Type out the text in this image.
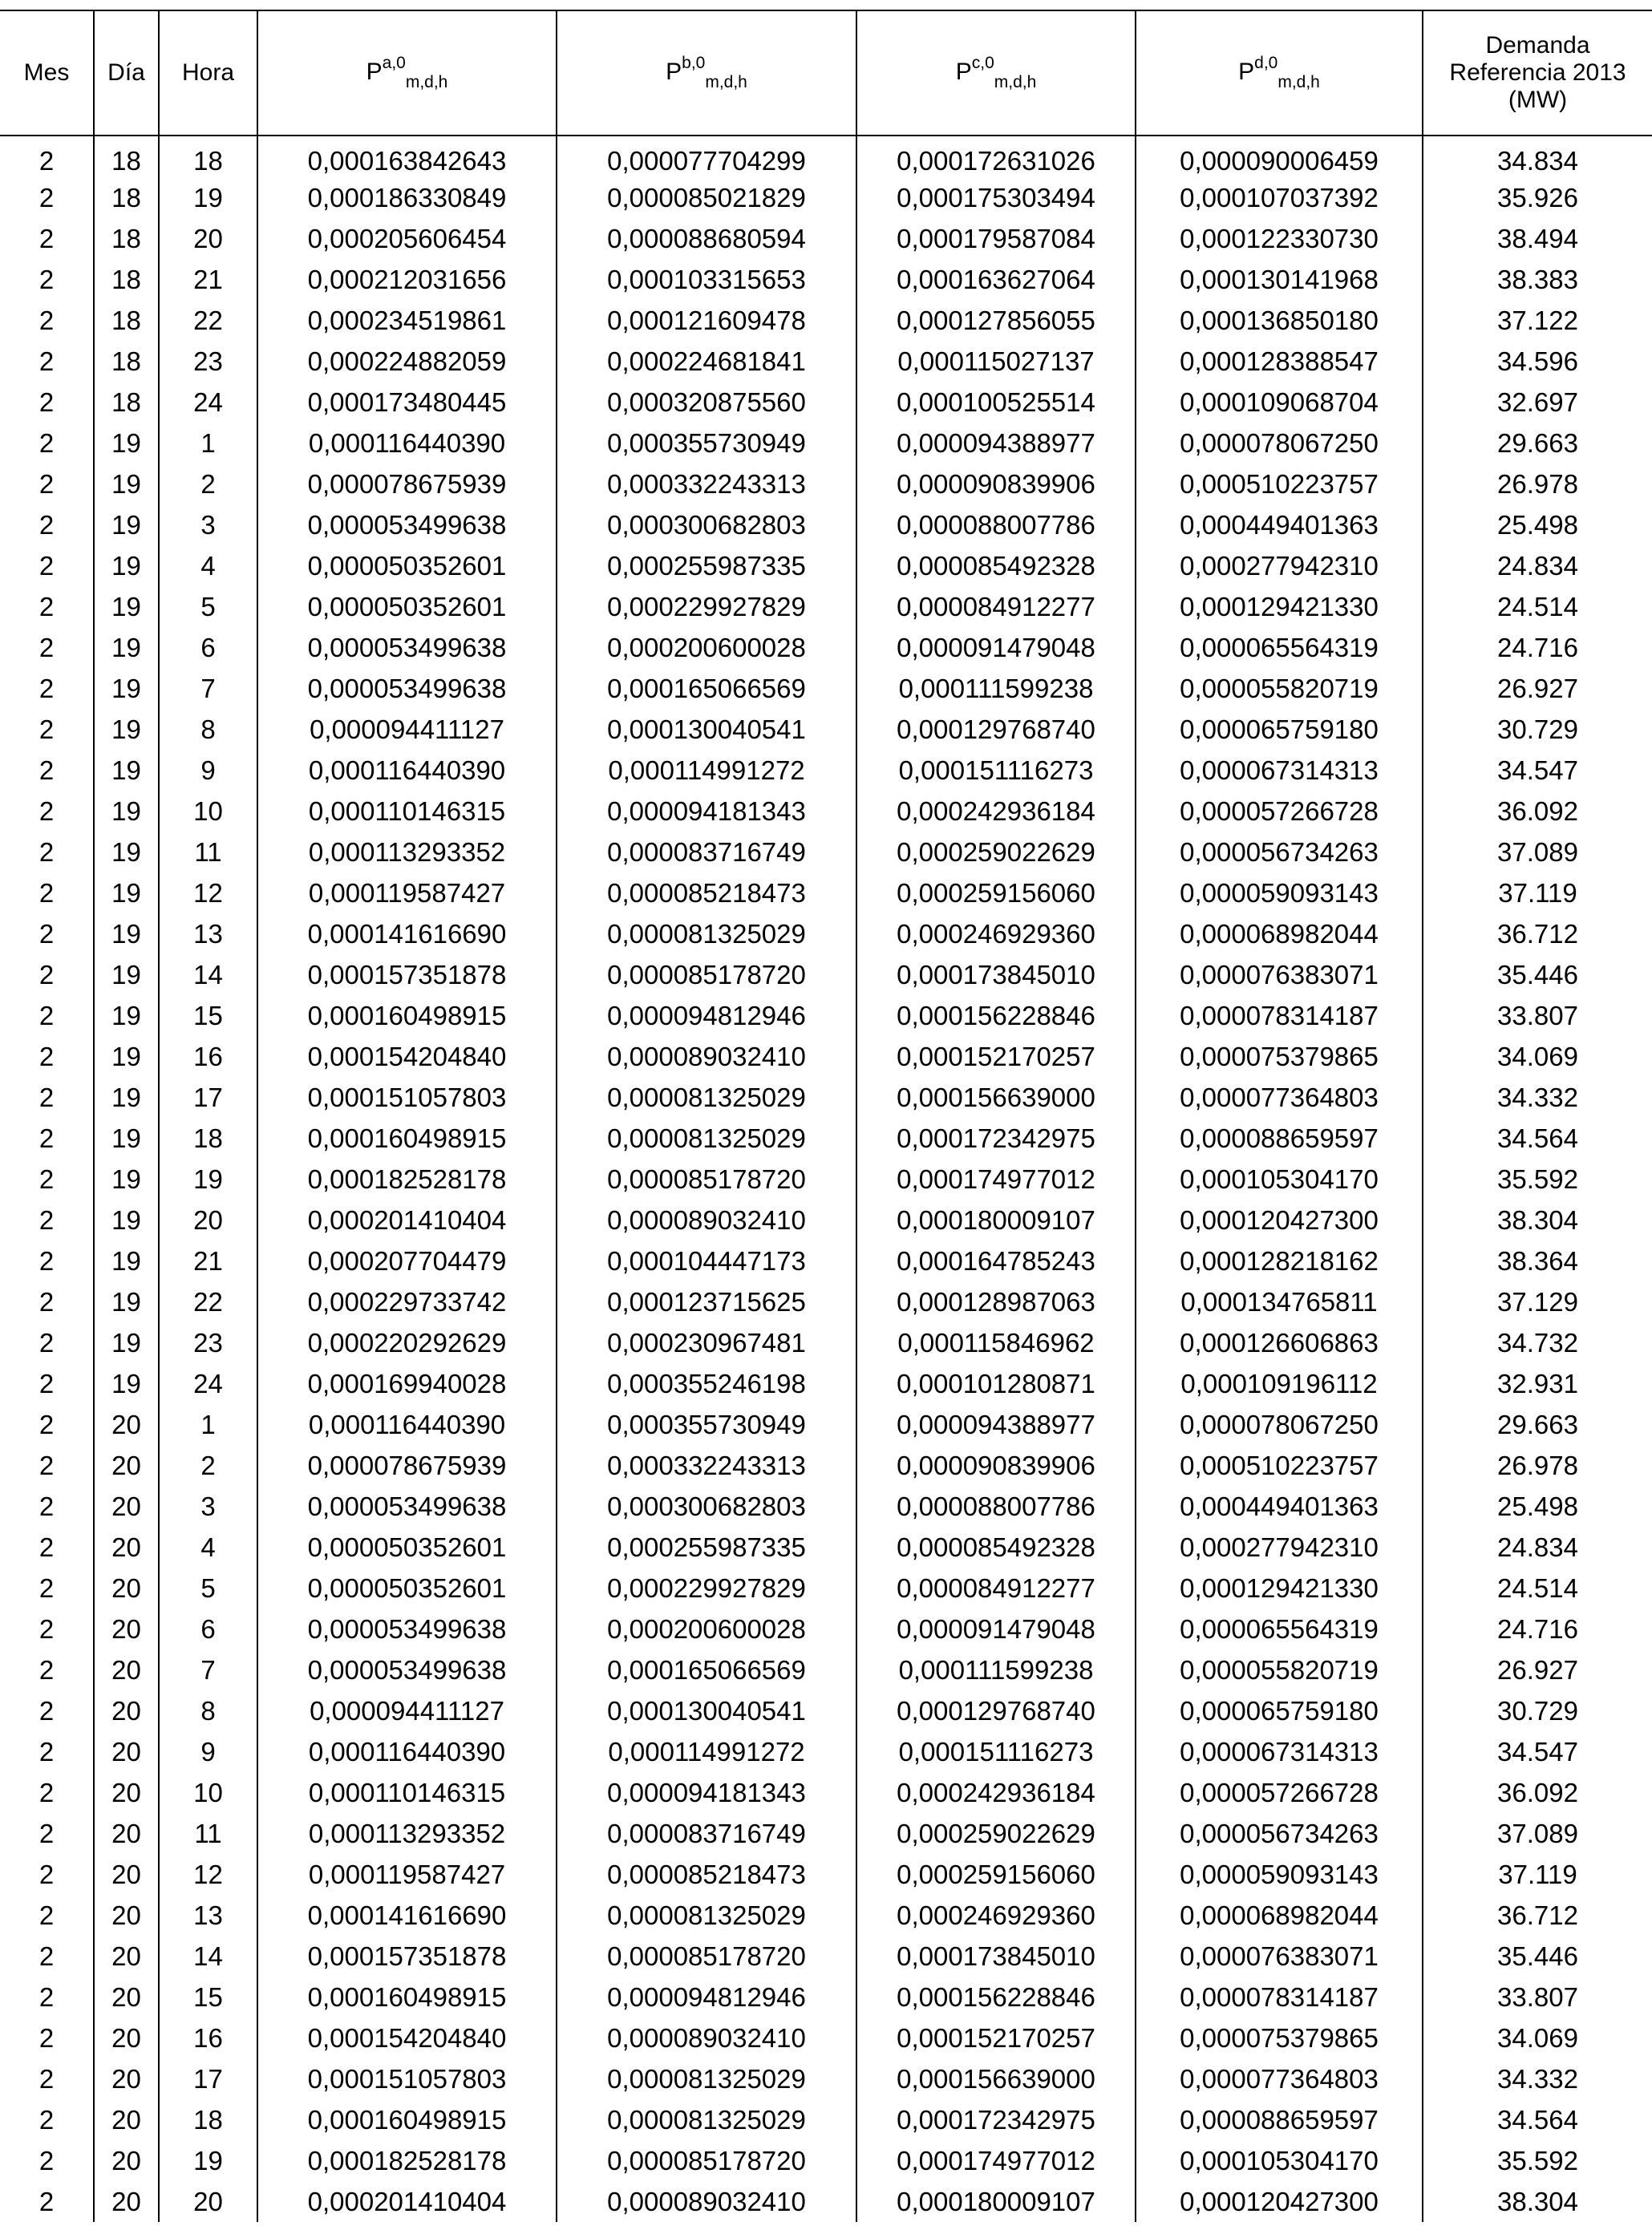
Mes	Día	Hora	P$^{a,0}_{m,d,h}$	P$^{b,0}_{m,d,h}$	P$^{c,0}_{m,d,h}$	P$^{d,0}_{m,d,h}$	Demanda
Referencia 2013
(MW)

2	18	18	0,000163842643	0,000077704299	0,000172631026	0,000090006459	34.834
2	18	19	0,000186330849	0,000085021829	0,000175303494	0,000107037392	35.926
2	18	20	0,000205606454	0,000088680594	0,000179587084	0,000122330730	38.494
2	18	21	0,000212031656	0,000103315653	0,000163627064	0,000130141968	38.383
2	18	22	0,000234519861	0,000121609478	0,000127856055	0,000136850180	37.122
2	18	23	0,000224882059	0,000224681841	0,000115027137	0,000128388547	34.596
2	18	24	0,000173480445	0,000320875560	0,000100525514	0,000109068704	32.697
2	19	1	0,000116440390	0,000355730949	0,000094388977	0,000078067250	29.663
2	19	2	0,000078675939	0,000332243313	0,000090839906	0,000510223757	26.978
2	19	3	0,000053499638	0,000300682803	0,000088007786	0,000449401363	25.498
2	19	4	0,000050352601	0,000255987335	0,000085492328	0,000277942310	24.834
2	19	5	0,000050352601	0,000229927829	0,000084912277	0,000129421330	24.514
2	19	6	0,000053499638	0,000200600028	0,000091479048	0,000065564319	24.716
2	19	7	0,000053499638	0,000165066569	0,000111599238	0,000055820719	26.927
2	19	8	0,000094411127	0,000130040541	0,000129768740	0,000065759180	30.729
2	19	9	0,000116440390	0,000114991272	0,000151116273	0,000067314313	34.547
2	19	10	0,000110146315	0,000094181343	0,000242936184	0,000057266728	36.092
2	19	11	0,000113293352	0,000083716749	0,000259022629	0,000056734263	37.089
2	19	12	0,000119587427	0,000085218473	0,000259156060	0,000059093143	37.119
2	19	13	0,000141616690	0,000081325029	0,000246929360	0,000068982044	36.712
2	19	14	0,000157351878	0,000085178720	0,000173845010	0,000076383071	35.446
2	19	15	0,000160498915	0,000094812946	0,000156228846	0,000078314187	33.807
2	19	16	0,000154204840	0,000089032410	0,000152170257	0,000075379865	34.069
2	19	17	0,000151057803	0,000081325029	0,000156639000	0,000077364803	34.332
2	19	18	0,000160498915	0,000081325029	0,000172342975	0,000088659597	34.564
2	19	19	0,000182528178	0,000085178720	0,000174977012	0,000105304170	35.592
2	19	20	0,000201410404	0,000089032410	0,000180009107	0,000120427300	38.304
2	19	21	0,000207704479	0,000104447173	0,000164785243	0,000128218162	38.364
2	19	22	0,000229733742	0,000123715625	0,000128987063	0,000134765811	37.129
2	19	23	0,000220292629	0,000230967481	0,000115846962	0,000126606863	34.732
2	19	24	0,000169940028	0,000355246198	0,000101280871	0,000109196112	32.931
2	20	1	0,000116440390	0,000355730949	0,000094388977	0,000078067250	29.663
2	20	2	0,000078675939	0,000332243313	0,000090839906	0,000510223757	26.978
2	20	3	0,000053499638	0,000300682803	0,000088007786	0,000449401363	25.498
2	20	4	0,000050352601	0,000255987335	0,000085492328	0,000277942310	24.834
2	20	5	0,000050352601	0,000229927829	0,000084912277	0,000129421330	24.514
2	20	6	0,000053499638	0,000200600028	0,000091479048	0,000065564319	24.716
2	20	7	0,000053499638	0,000165066569	0,000111599238	0,000055820719	26.927
2	20	8	0,000094411127	0,000130040541	0,000129768740	0,000065759180	30.729
2	20	9	0,000116440390	0,000114991272	0,000151116273	0,000067314313	34.547
2	20	10	0,000110146315	0,000094181343	0,000242936184	0,000057266728	36.092
2	20	11	0,000113293352	0,000083716749	0,000259022629	0,000056734263	37.089
2	20	12	0,000119587427	0,000085218473	0,000259156060	0,000059093143	37.119
2	20	13	0,000141616690	0,000081325029	0,000246929360	0,000068982044	36.712
2	20	14	0,000157351878	0,000085178720	0,000173845010	0,000076383071	35.446
2	20	15	0,000160498915	0,000094812946	0,000156228846	0,000078314187	33.807
2	20	16	0,000154204840	0,000089032410	0,000152170257	0,000075379865	34.069
2	20	17	0,000151057803	0,000081325029	0,000156639000	0,000077364803	34.332
2	20	18	0,000160498915	0,000081325029	0,000172342975	0,000088659597	34.564
2	20	19	0,000182528178	0,000085178720	0,000174977012	0,000105304170	35.592
2	20	20	0,000201410404	0,000089032410	0,000180009107	0,000120427300	38.304
